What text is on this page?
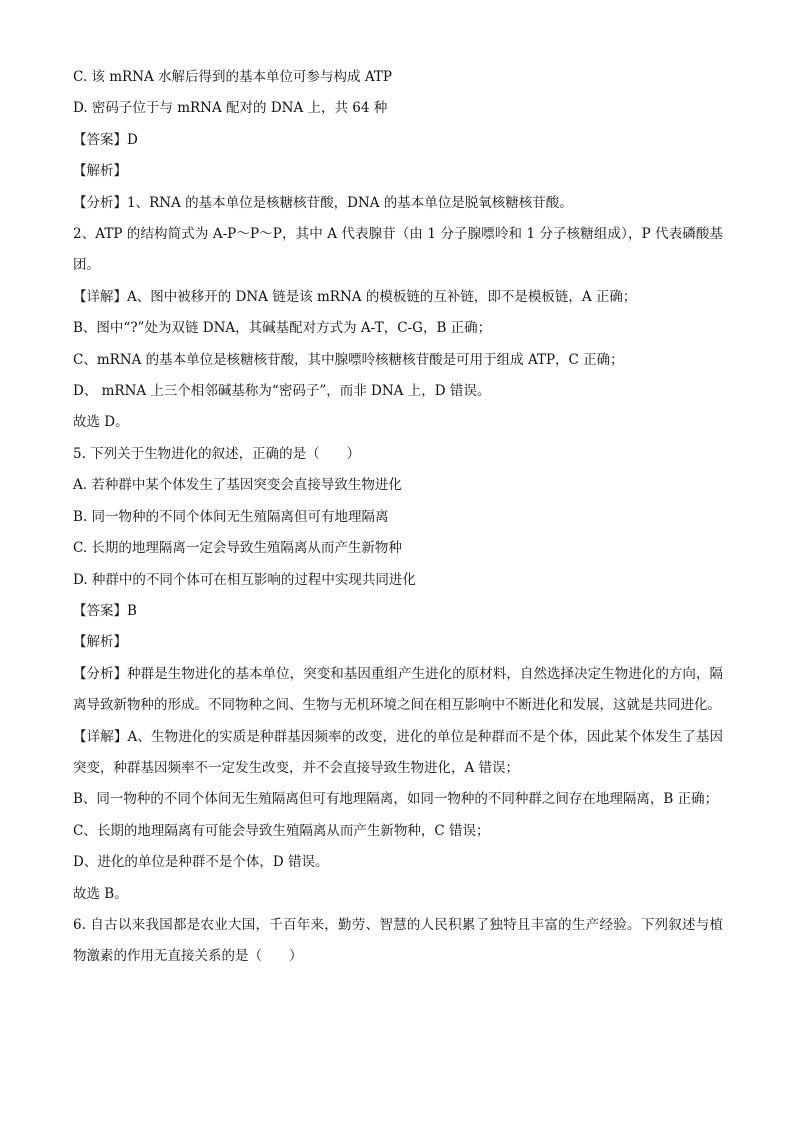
C. 该 mRNA 水解后得到的基本单位可参与构成 ATP

D. 密码子位于与 mRNA 配对的 DNA 上，共 64 种

【答案】D

【解析】

【分析】1、RNA 的基本单位是核糖核苷酸，DNA 的基本单位是脱氧核糖核苷酸。

2、ATP 的结构简式为 A-P～P～P，其中 A 代表腺苷（由 1 分子腺嘌呤和 1 分子核糖组成），P 代表磷酸基团。

【详解】A、图中被移开的 DNA 链是该 mRNA 的模板链的互补链，即不是模板链，A 正确；

B、图中“?”处为双链 DNA，其碱基配对方式为 A-T，C-G，B 正确；

C、mRNA 的基本单位是核糖核苷酸，其中腺嘌呤核糖核苷酸是可用于组成 ATP，C 正确；

D、 mRNA 上三个相邻碱基称为“密码子”，而非 DNA 上，D 错误。

故选 D。

5. 下列关于生物进化的叙述，正确的是（　　）

A. 若种群中某个体发生了基因突变会直接导致生物进化

B. 同一物种的不同个体间无生殖隔离但可有地理隔离

C. 长期的地理隔离一定会导致生殖隔离从而产生新物种

D. 种群中的不同个体可在相互影响的过程中实现共同进化

【答案】B

【解析】

【分析】种群是生物进化的基本单位，突变和基因重组产生进化的原材料，自然选择决定生物进化的方向，隔离导致新物种的形成。不同物种之间、生物与无机环境之间在相互影响中不断进化和发展，这就是共同进化。

【详解】A、生物进化的实质是种群基因频率的改变，进化的单位是种群而不是个体，因此某个体发生了基因突变，种群基因频率不一定发生改变，并不会直接导致生物进化，A 错误；

B、同一物种的不同个体间无生殖隔离但可有地理隔离，如同一物种的不同种群之间存在地理隔离，B 正确；

C、长期的地理隔离有可能会导致生殖隔离从而产生新物种，C 错误；

D、进化的单位是种群不是个体，D 错误。

故选 B。

6. 自古以来我国都是农业大国，千百年来，勤劳、智慧的人民积累了独特且丰富的生产经验。下列叙述与植物激素的作用无直接关系的是（　　）
